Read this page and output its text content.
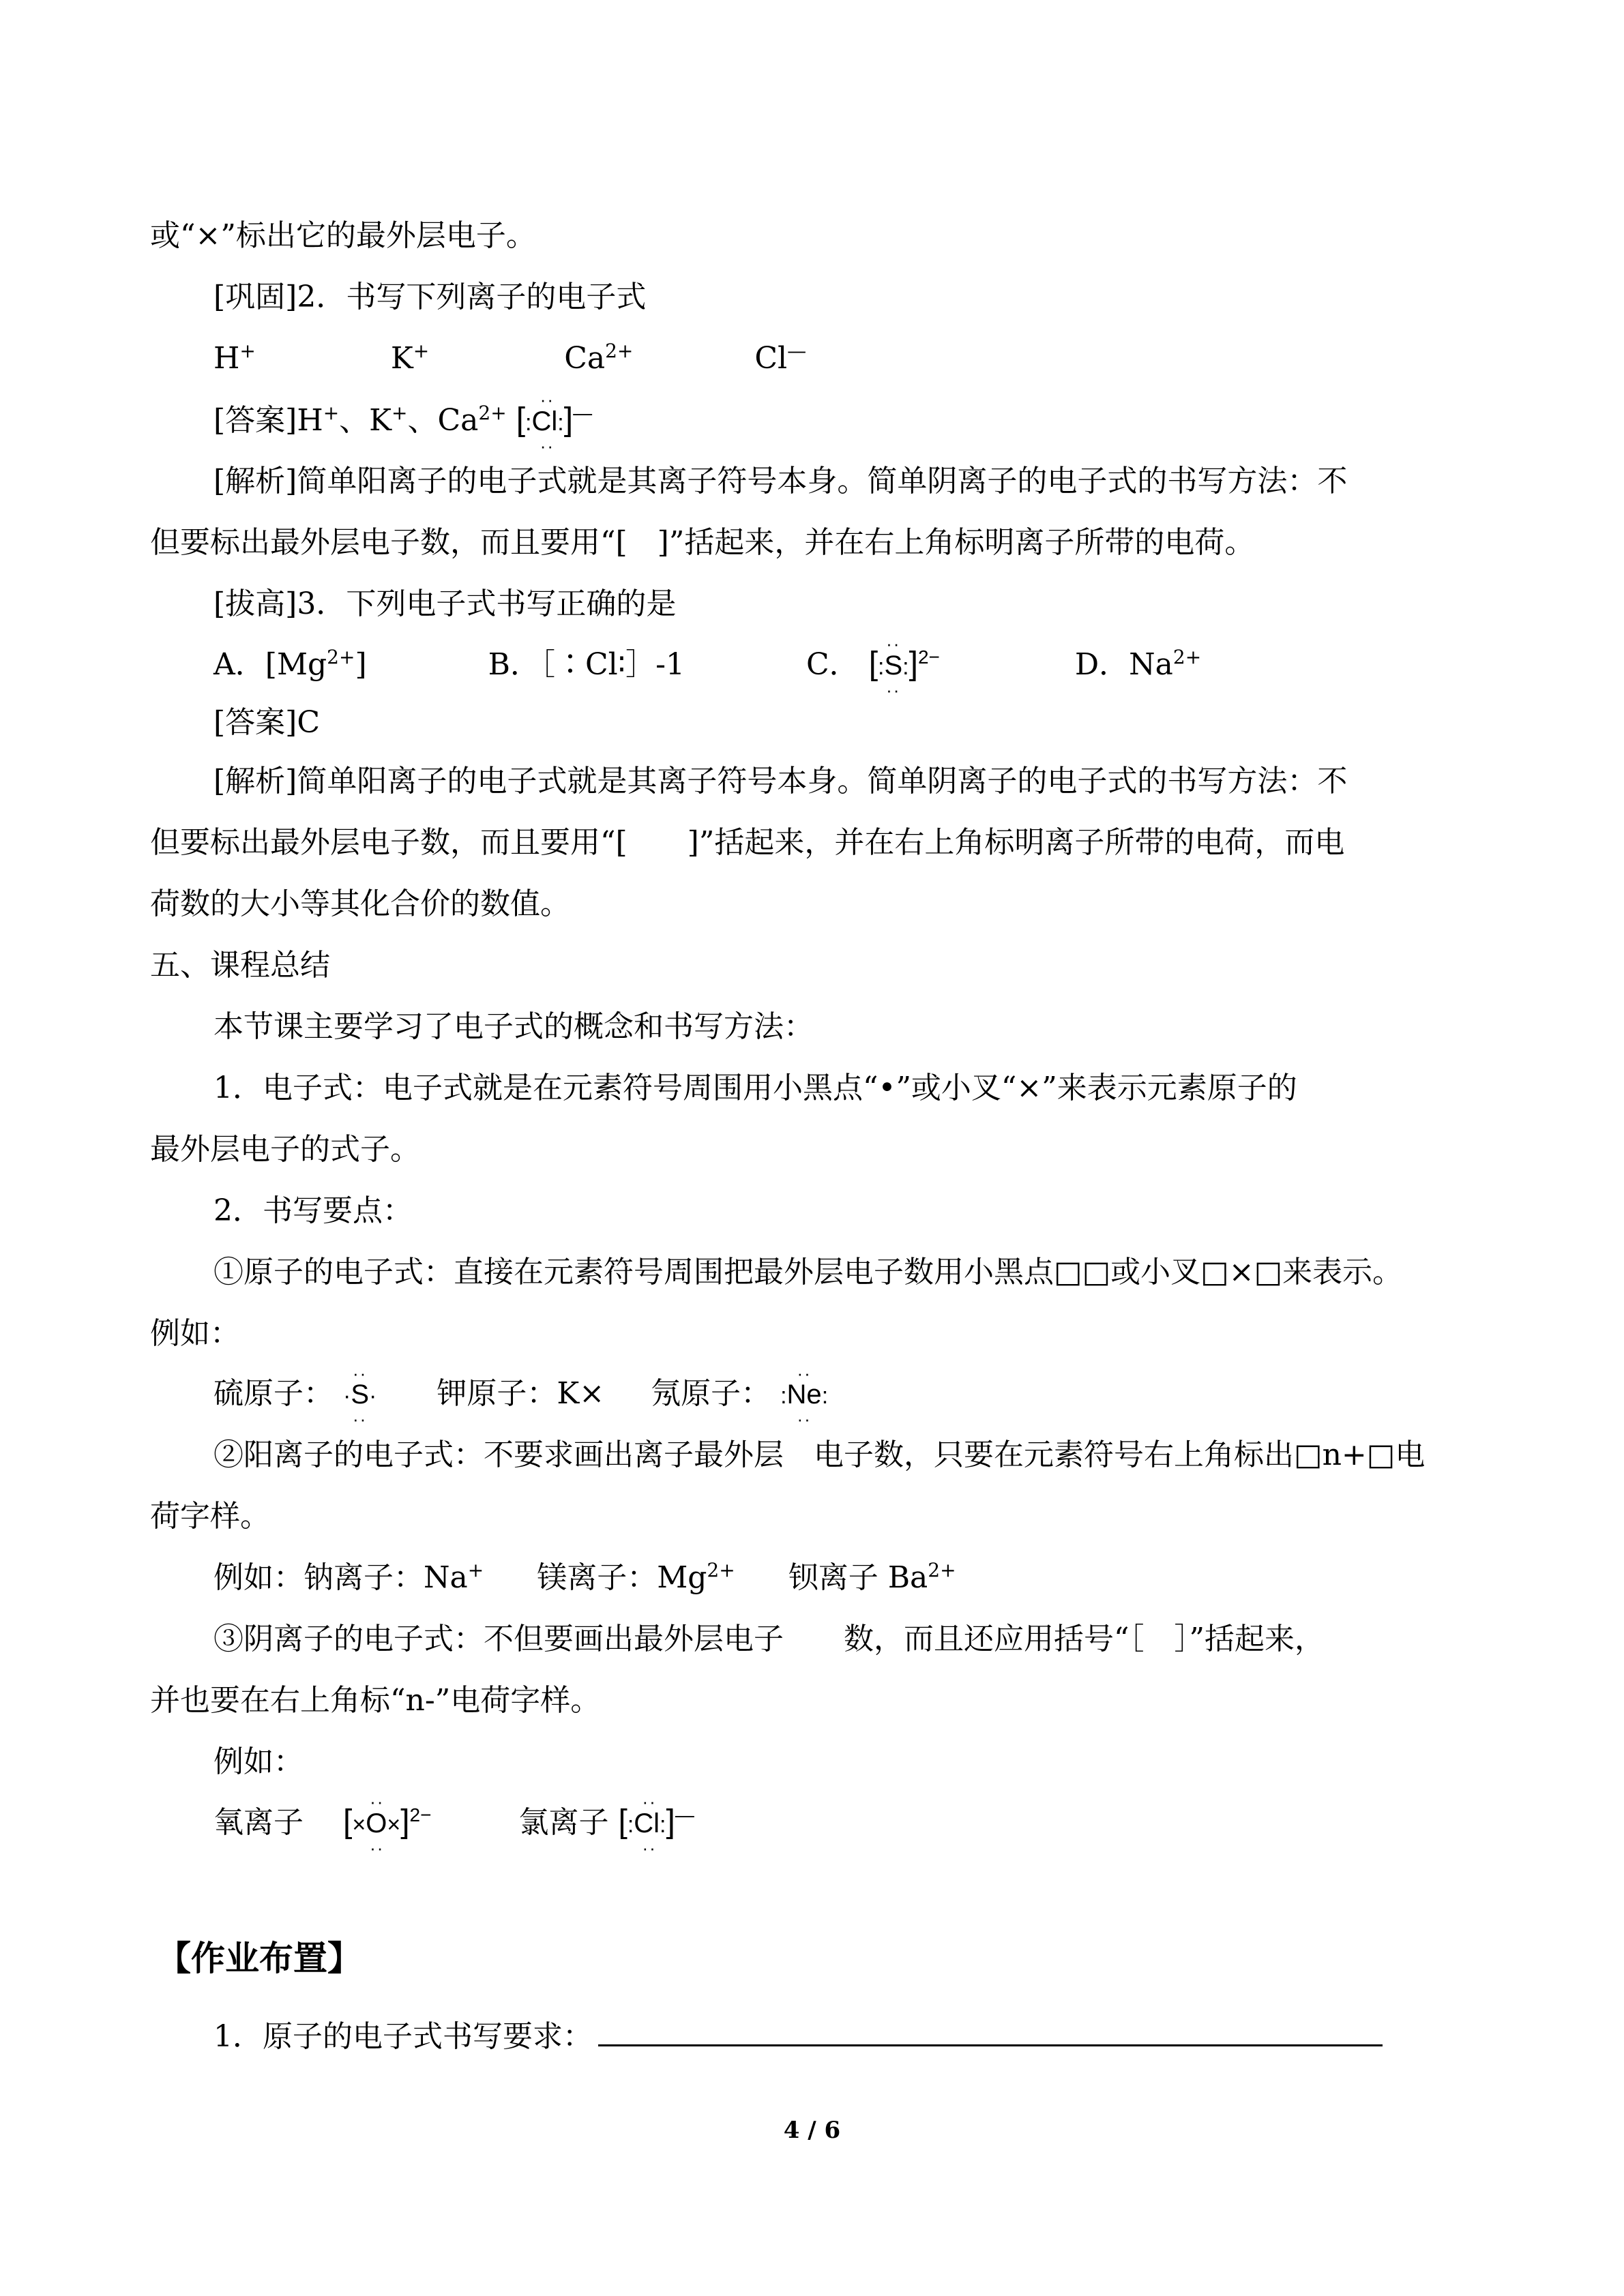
或“×”标出它的最外层电子。
[巩固]2．书写下列离子的电子式
H+	K+	$Ca^{2+}$	Cl—
[答案]H+、K+、$Ca^{2+}$ [:Cl:]—
··
··
[解析]简单阳离子的电子式就是其离子符号本身。简单阴离子的电子式的书写方法：不
但要标出最外层电子数，而且要用“[　]”括起来，并在右上角标明离子所带的电荷。
[拔高]3．下列电子式书写正确的是
A．$[Mg^{2+}]$	B．［∶Cl∶］-1	C． [:S:]$^{2-}$
··
··
D．$Na^{2+}$
[答案]C
[解析]简单阳离子的电子式就是其离子符号本身。简单阴离子的电子式的书写方法：不
但要标出最外层电子数，而且要用“[　　]”括起来，并在右上角标明离子所带的电荷，而电
荷数的大小等其化合价的数值。
五、课程总结
本节课主要学习了电子式的概念和书写方法：
1．电子式：电子式就是在元素符号周围用小黑点“•”或小叉“×”来表示元素原子的
最外层电子的式子。
2．书写要点：
①原子的电子式：直接在元素符号周围把最外层电子数用小黑点□□或小叉□×□来表示。
例如：
硫原子： ·S·
··
··
钾原子：K× 氖原子： :Ne:
··
··
②阳离子的电子式：不要求画出离子最外层　电子数，只要在元素符号右上角标出□n+□电
荷字样。
例如：钠离子：Na+ 镁离子：$Mg^{2+}$ 钡离子 $Ba^{2+}$
③阴离子的电子式：不但要画出最外层电子　　数，而且还应用括号“［　］”括起来，
并也要在右上角标“n-”电荷字样。
例如：
氧离子 $[\times O\times]^{2-}$
··
··
氯离子 [:Cl:]—
··
··
【作业布置】
1．原子的电子式书写要求：
4 / 6
